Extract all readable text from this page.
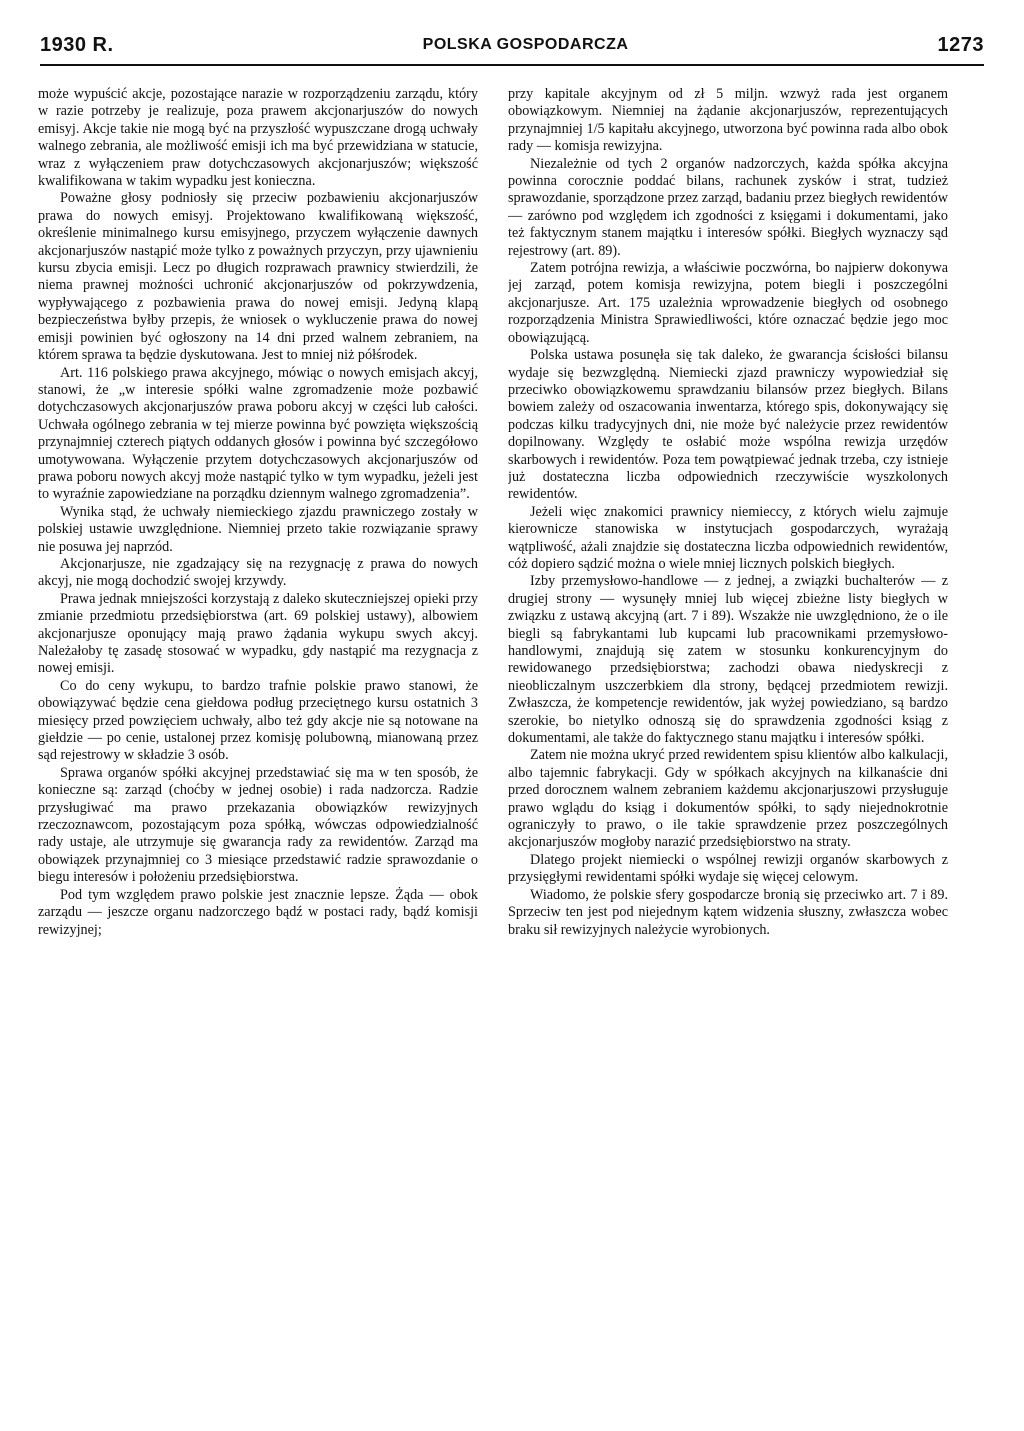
1930 R.	POLSKA GOSPODARCZA	1273

może wypuścić akcje, pozostające narazie w rozporządzeniu zarządu, który w razie potrzeby je realizuje, poza prawem akcjonarjuszów do nowych emisyj. Akcje takie nie mogą być na przyszłość wypuszczane drogą uchwały walnego zebrania, ale możliwość emisji ich ma być przewidziana w statucie, wraz z wyłączeniem praw dotychczasowych akcjonarjuszów; większość kwalifikowana w takim wypadku jest konieczna.

Poważne głosy podniosły się przeciw pozbawieniu akcjonarjuszów prawa do nowych emisyj. Projektowano kwalifikowaną większość, określenie minimalnego kursu emisyjnego, przyczem wyłączenie dawnych akcjonarjuszów nastąpić może tylko z poważnych przyczyn, przy ujawnieniu kursu zbycia emisji. Lecz po długich rozprawach prawnicy stwierdzili, że niema prawnej możności uchronić akcjonarjuszów od pokrzywdzenia, wypływającego z pozbawienia prawa do nowej emisji. Jedyną klapą bezpieczeństwa byłby przepis, że wniosek o wykluczenie prawa do nowej emisji powinien być ogłoszony na 14 dni przed walnem zebraniem, na którem sprawa ta będzie dyskutowana. Jest to mniej niż półśrodek.

Art. 116 polskiego prawa akcyjnego, mówiąc o nowych emisjach akcyj, stanowi, że „w interesie spółki walne zgromadzenie może pozbawić dotychczasowych akcjonarjuszów prawa poboru akcyj w części lub całości. Uchwała ogólnego zebrania w tej mierze powinna być powzięta większością przynajmniej czterech piątych oddanych głosów i powinna być szczegółowo umotywowana. Wyłączenie przytem dotychczasowych akcjonarjuszów od prawa poboru nowych akcyj może nastąpić tylko w tym wypadku, jeżeli jest to wyraźnie zapowiedziane na porządku dziennym walnego zgromadzenia”.

Wynika stąd, że uchwały niemieckiego zjazdu prawniczego zostały w polskiej ustawie uwzględnione. Niemniej przeto takie rozwiązanie sprawy nie posuwa jej naprzód.

Akcjonarjusze, nie zgadzający się na rezygnację z prawa do nowych akcyj, nie mogą dochodzić swojej krzywdy.

Prawa jednak mniejszości korzystają z daleko skuteczniejszej opieki przy zmianie przedmiotu przedsiębiorstwa (art. 69 polskiej ustawy), albowiem akcjonarjusze oponujący mają prawo żądania wykupu swych akcyj. Należałoby tę zasadę stosować w wypadku, gdy nastąpić ma rezygnacja z nowej emisji.

Co do ceny wykupu, to bardzo trafnie polskie prawo stanowi, że obowiązywać będzie cena giełdowa podług przeciętnego kursu ostatnich 3 miesięcy przed powzięciem uchwały, albo też gdy akcje nie są notowane na giełdzie — po cenie, ustalonej przez komisję polubowną, mianowaną przez sąd rejestrowy w składzie 3 osób.

Sprawa organów spółki akcyjnej przedstawiać się ma w ten sposób, że konieczne są: zarząd (choćby w jednej osobie) i rada nadzorcza. Radzie przysługiwać ma prawo przekazania obowiązków rewizyjnych rzeczoznawcom, pozostającym poza spółką, wówczas odpowiedzialność rady ustaje, ale utrzymuje się gwarancja rady za rewidentów. Zarząd ma obowiązek przynajmniej co 3 miesiące przedstawić radzie sprawozdanie o biegu interesów i położeniu przedsiębiorstwa.

Pod tym względem prawo polskie jest znacznie lepsze. Żąda — obok zarządu — jeszcze organu nadzorczego bądź w postaci rady, bądź komisji rewizyjnej;

przy kapitale akcyjnym od zł 5 miljn. wzwyż rada jest organem obowiązkowym. Niemniej na żądanie akcjonarjuszów, reprezentujących przynajmniej 1/5 kapitału akcyjnego, utworzona być powinna rada albo obok rady — komisja rewizyjna.

Niezależnie od tych 2 organów nadzorczych, każda spółka akcyjna powinna corocznie poddać bilans, rachunek zysków i strat, tudzież sprawozdanie, sporządzone przez zarząd, badaniu przez biegłych rewidentów — zarówno pod względem ich zgodności z księgami i dokumentami, jako też faktycznym stanem majątku i interesów spółki. Biegłych wyznaczy sąd rejestrowy (art. 89).

Zatem potrójna rewizja, a właściwie poczwórna, bo najpierw dokonywa jej zarząd, potem komisja rewizyjna, potem biegli i poszczególni akcjonarjusze. Art. 175 uzależnia wprowadzenie biegłych od osobnego rozporządzenia Ministra Sprawiedliwości, które oznaczać będzie jego moc obowiązującą.

Polska ustawa posunęła się tak daleko, że gwarancja ścisłości bilansu wydaje się bezwzględną. Niemiecki zjazd prawniczy wypowiedział się przeciwko obowiązkowemu sprawdzaniu bilansów przez biegłych. Bilans bowiem zależy od oszacowania inwentarza, którego spis, dokonywający się podczas kilku tradycyjnych dni, nie może być należycie przez rewidentów dopilnowany. Względy te osłabić może wspólna rewizja urzędów skarbowych i rewidentów. Poza tem powątpiewać jednak trzeba, czy istnieje już dostateczna liczba odpowiednich rzeczywiście wyszkolonych rewidentów.

Jeżeli więc znakomici prawnicy niemieccy, z których wielu zajmuje kierownicze stanowiska w instytucjach gospodarczych, wyrażają wątpliwość, ażali znajdzie się dostateczna liczba odpowiednich rewidentów, cóż dopiero sądzić można o wiele mniej licznych polskich biegłych.

Izby przemysłowo-handlowe — z jednej, a związki buchalterów — z drugiej strony — wysunęły mniej lub więcej zbieżne listy biegłych w związku z ustawą akcyjną (art. 7 i 89). Wszakże nie uwzględniono, że o ile biegli są fabrykantami lub kupcami lub pracownikami przemysłowo-handlowymi, znajdują się zatem w stosunku konkurencyjnym do rewidowanego przedsiębiorstwa; zachodzi obawa niedyskrecji z nieobliczalnym uszczerbkiem dla strony, będącej przedmiotem rewizji. Zwłaszcza, że kompetencje rewidentów, jak wyżej powiedziano, są bardzo szerokie, bo nietylko odnoszą się do sprawdzenia zgodności ksiąg z dokumentami, ale także do faktycznego stanu majątku i interesów spółki.

Zatem nie można ukryć przed rewidentem spisu klientów albo kalkulacji, albo tajemnic fabrykacji. Gdy w spółkach akcyjnych na kilkanaście dni przed dorocznem walnem zebraniem każdemu akcjonarjuszowi przysługuje prawo wglądu do ksiąg i dokumentów spółki, to sądy niejednokrotnie ograniczyły to prawo, o ile takie sprawdzenie przez poszczególnych akcjonarjuszów mogłoby narazić przedsiębiorstwo na straty.

Dlatego projekt niemiecki o wspólnej rewizji organów skarbowych z przysięgłymi rewidentami spółki wydaje się więcej celowym.

Wiadomo, że polskie sfery gospodarcze bronią się przeciwko art. 7 i 89. Sprzeciw ten jest pod niejednym kątem widzenia słuszny, zwłaszcza wobec braku sił rewizyjnych należycie wyrobionych.
